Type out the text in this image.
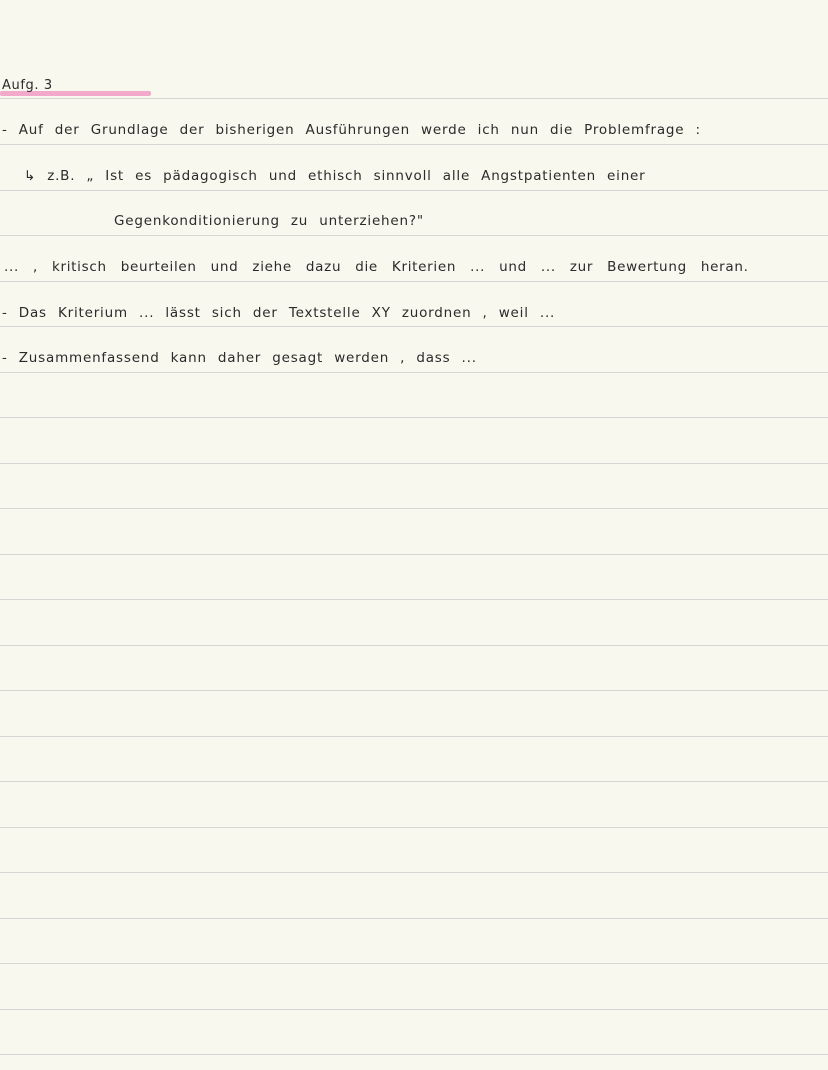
Aufg. 3
- Auf der Grundlage der bisherigen Ausführungen werde ich nun die Problemfrage :
↳ z.B. „ Ist es pädagogisch und ethisch sinnvoll alle Angstpatienten einer
Gegenkonditionierung zu unterziehen?"
... , kritisch beurteilen und ziehe dazu die Kriterien ... und ... zur Bewertung heran.
- Das Kriterium ... lässt sich der Textstelle XY zuordnen , weil ...
- Zusammenfassend kann daher gesagt werden , dass ...
